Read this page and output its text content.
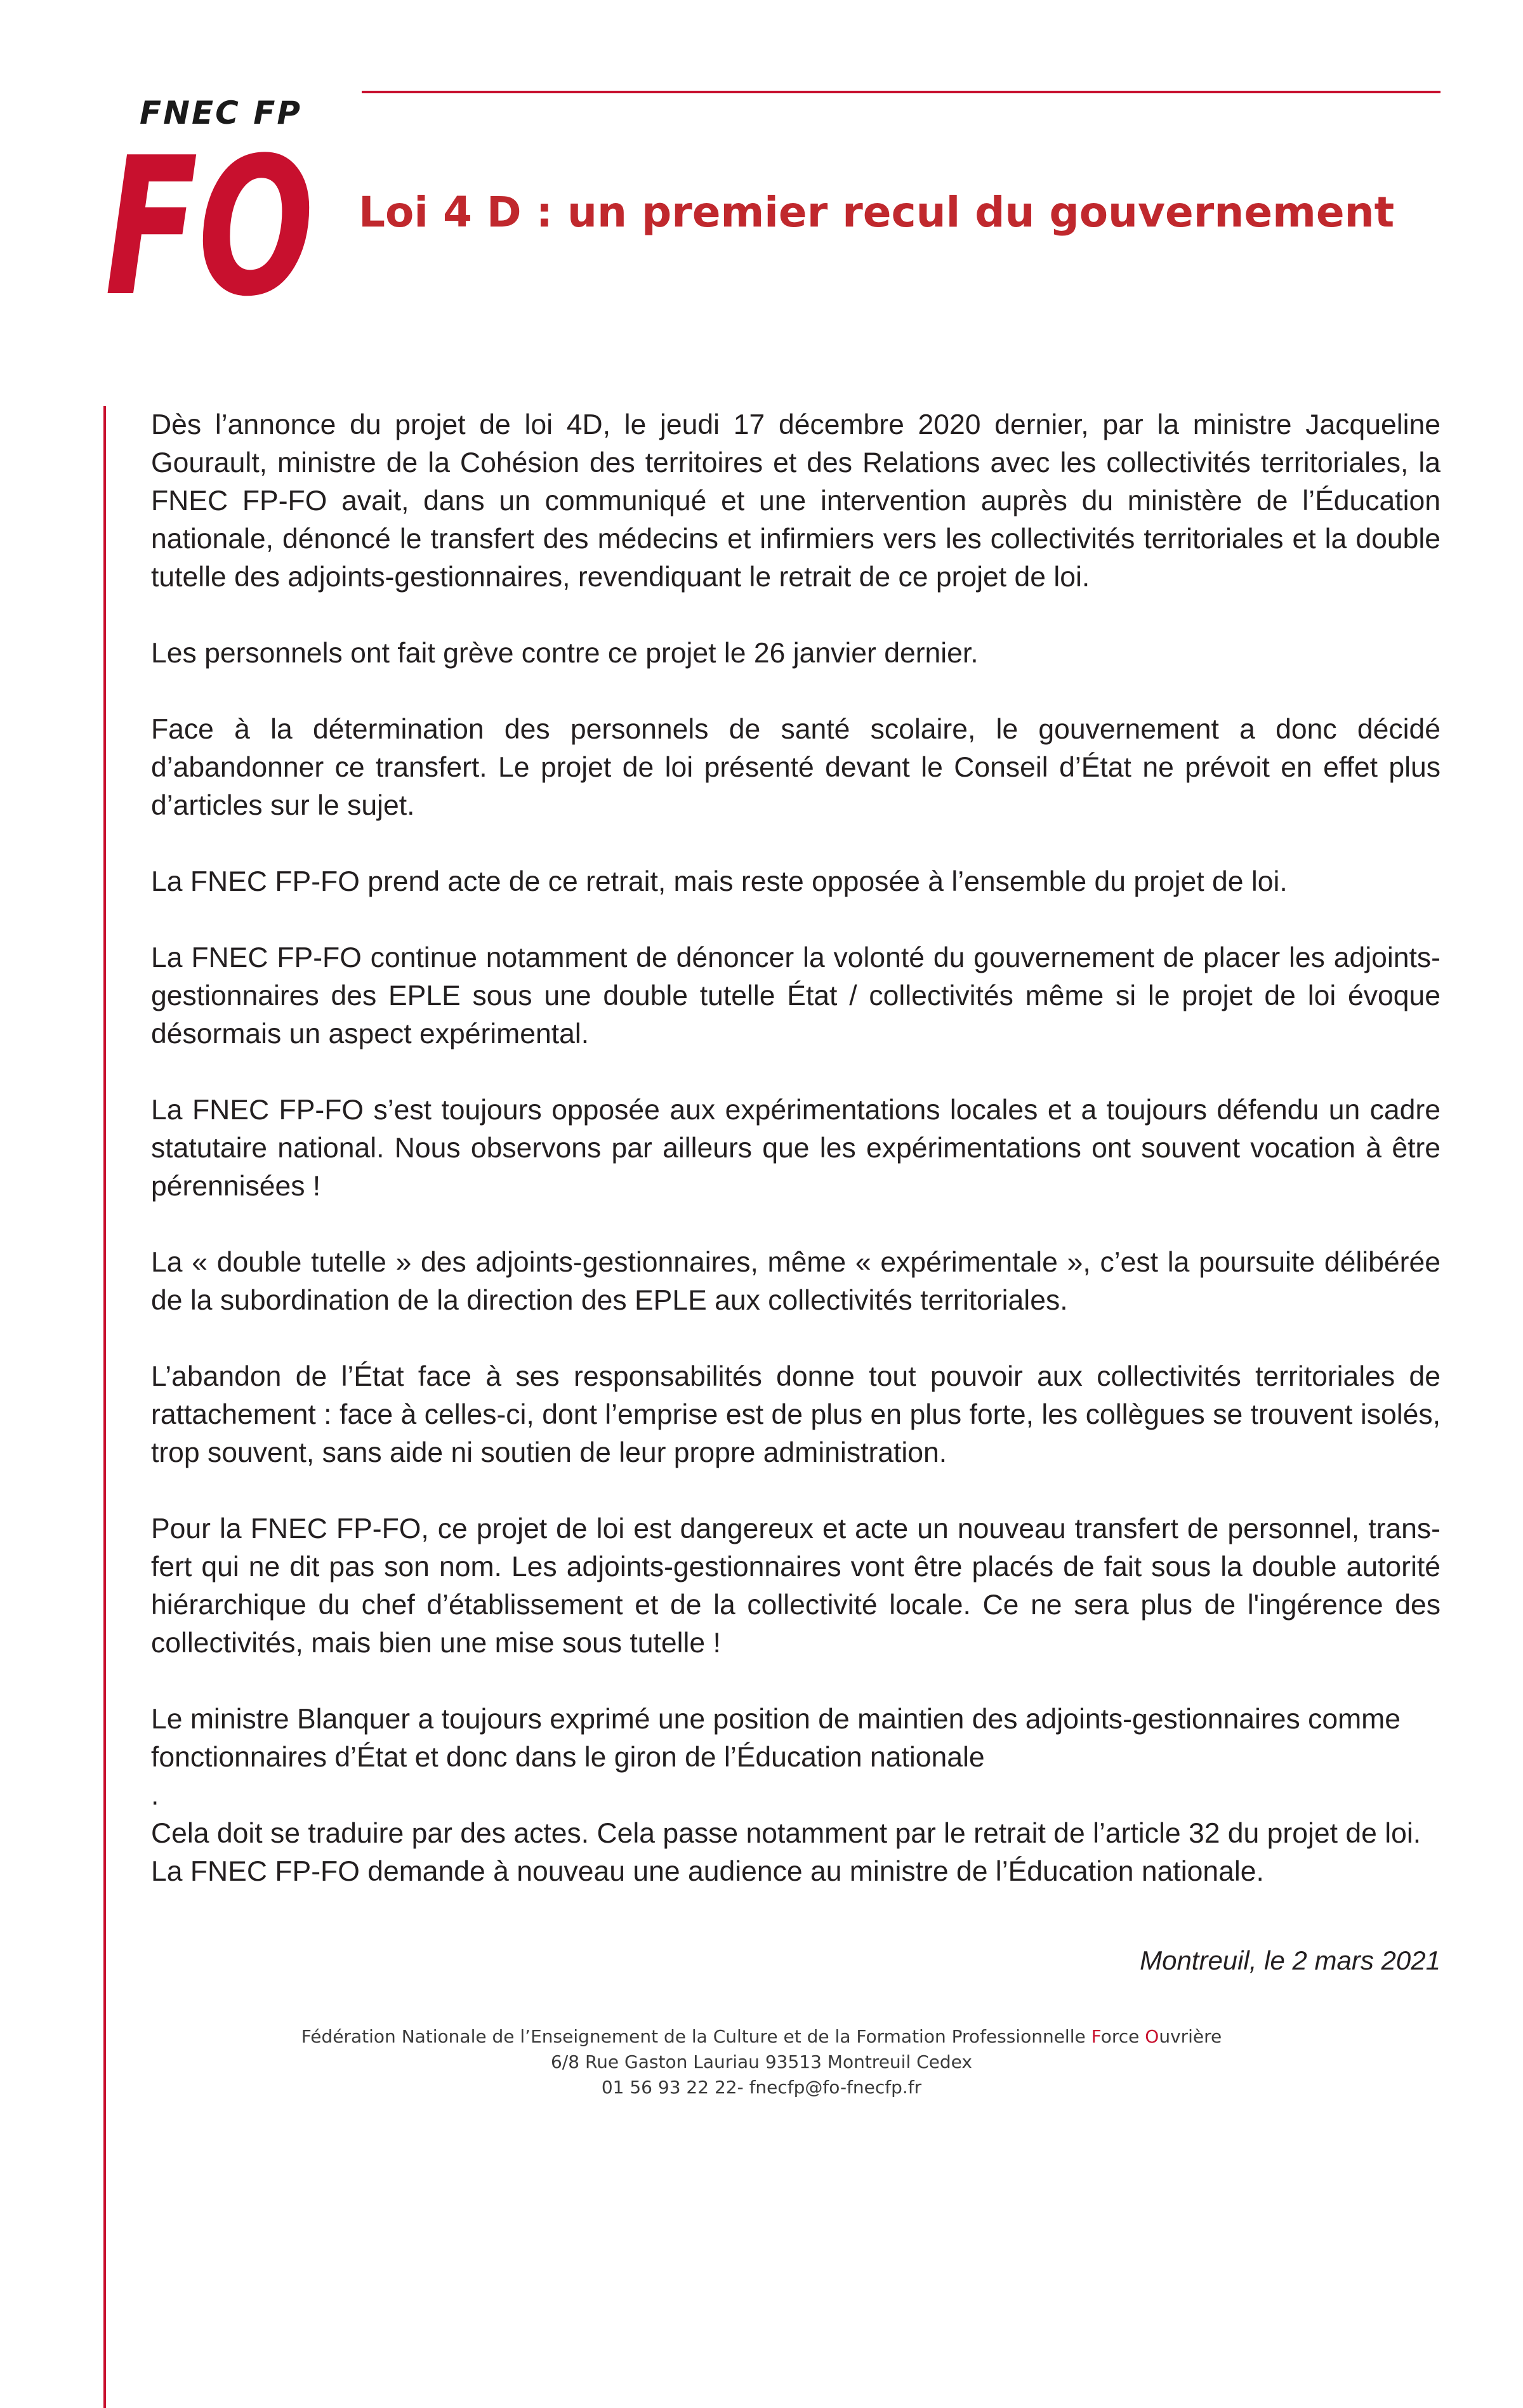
FNEC FP
FO Loi 4 D : un premier recul du gouvernement

Dès l’annonce du projet de loi 4D, le jeudi 17 décembre 2020 dernier, par la ministre Jacqueline Gourault, ministre de la Cohésion des territoires et des Relations avec les collectivités territoriales, la FNEC FP-FO avait, dans un communiqué et une intervention auprès du ministère de l’Éducation nationale, dénoncé le transfert des médecins et infirmiers vers les collectivités territoriales et la double tutelle des adjoints-gestionnaires, revendiquant le retrait de ce projet de loi.

Les personnels ont fait grève contre ce projet le 26 janvier dernier.

Face à la détermination des personnels de santé scolaire, le gouvernement a donc décidé d’abandonner ce transfert. Le projet de loi présenté devant le Conseil d’État ne prévoit en effet plus d’articles sur le sujet.

La FNEC FP-FO prend acte de ce retrait, mais reste opposée à l’ensemble du projet de loi.

La FNEC FP-FO continue notamment de dénoncer la volonté du gouvernement de placer les adjoints-gestionnaires des EPLE sous une double tutelle État / collectivités même si le projet de loi évoque désormais un aspect expérimental.

La FNEC FP-FO s’est toujours opposée aux expérimentations locales et a toujours défendu un cadre statutaire national. Nous observons par ailleurs que les expérimentations ont souvent vocation à être pérennisées !

La « double tutelle » des adjoints-gestionnaires, même « expérimentale », c’est la poursuite délibérée de la subordination de la direction des EPLE aux collectivités territoriales.

L’abandon de l’État face à ses responsabilités donne tout pouvoir aux collectivités territoriales de rattachement : face à celles-ci, dont l’emprise est de plus en plus forte, les collègues se trouvent isolés, trop souvent, sans aide ni soutien de leur propre administration.

Pour la FNEC FP-FO, ce projet de loi est dangereux et acte un nouveau transfert de personnel, trans-fert qui ne dit pas son nom. Les adjoints-gestionnaires vont être placés de fait sous la double autorité hiérarchique du chef d’établissement et de la collectivité locale. Ce ne sera plus de l'ingérence des collectivités, mais bien une mise sous tutelle !

Le ministre Blanquer a toujours exprimé une position de maintien des adjoints-gestionnaires comme fonctionnaires d’État et donc dans le giron de l’Éducation nationale

.

Cela doit se traduire par des actes. Cela passe notamment par le retrait de l’article 32 du projet de loi.

La FNEC FP-FO demande à nouveau une audience au ministre de l’Éducation nationale.

Montreuil, le 2 mars 2021
Fédération Nationale de l’Enseignement de la Culture et de la Formation Professionnelle Force Ouvrière
6/8 Rue Gaston Lauriau 93513 Montreuil Cedex
01 56 93 22 22- fnecfp@fo-fnecfp.fr
